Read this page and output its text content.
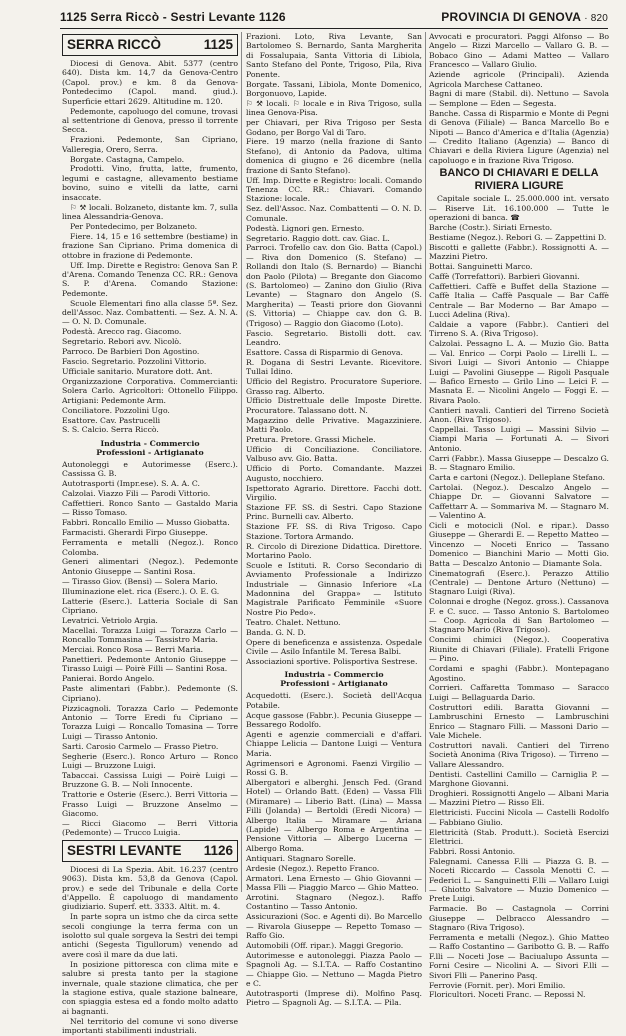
1125 Serra Riccò - Sestri Levante 1126	PROVINCIA DI GENOVA · 820
SERRA RICCÒ	1125

Diocesi di Genova. Abit. 5377 (centro 640). Dista km. 14,7 da Genova-Centro (Capol. prov.) e km. 8 da Genova-Pontedecimo (Capol. mand. giud.). Superficie ettari 2629. Altitudine m. 120.

Pedemonte, capoluogo del comune, trovasi al settentrione di Genova, presso il torrente Secca.

Frazioni. Pedemonte, San Cipriano, Valleregia, Orero, Serra.

Borgate. Castagna, Campelo.

Prodotti. Vino, frutta, latte, frumento, legumi e castagne, allevamento bestiame bovino, suino e vitelli da latte, carni insaccate.

⚐ ⚒ locali. Bolzaneto, distante km. 7, sulla linea Alessandria-Genova.

Per Pontedecimo, per Bolzaneto.

Fiere. 14, 15 e 16 settembre (bestiame) in frazione San Cipriano. Prima domenica di ottobre in frazione di Pedemonte.

Uff. Imp. Dirette e Registro: Genova San P. d'Arena. Comando Tenenza CC. RR.: Genova S. P. d'Arena. Comando Stazione: Pedemonte.

Scuole Elementari fino alla classe 5ª. Sez. dell'Assoc. Naz. Combattenti. — Sez. A. N. A. — O. N. D. Comunale.

Podestà. Arecco rag. Giacomo.

Segretario. Rebori avv. Nicolò.

Parroco. De Barbieri Don Agostino.

Fascio. Segretario. Pozzolini Vittorio.

Ufficiale sanitario. Muratore dott. Ant.

Organizzazione Corporativa. Commercianti: Solera Carlo. Agricoltori: Ottonello Filippo. Artigiani: Pedemonte Arm.

Conciliatore. Pozzolini Ugo.

Esattore. Cav. Pastrucelli

S. S. Calcio. Serra Riccò.

Industria - Commercio
Professioni - Artigianato

Autonoleggi e Autorimesse (Eserc.). Cassissa G. B.

Autotrasporti (Impr.ese). S. A. A. C.

Calzolai. Viazzo Fili — Parodi Vittorio.

Caffettieri. Ronco Santo — Gastaldo Maria — Risso Tomaso.

Fabbri. Roncallo Emilio — Musso Giobatta.

Farmacisti. Gherardi Firpo Giuseppe.

Ferramenta e metalli (Negoz.). Ronco Colomba.

Generi alimentari (Negoz.). Pedemonte Antonio Giuseppe — Santini Rosa.

— Tirasso Giov. (Bensi) — Solera Mario.

Illuminazione elet. rica (Eserc.). O. E. G.

Latterie (Eserc.). Latteria Sociale di San Cipriano.

Levatrici. Vetriolo Argia.

Macellai. Torazza Luigi — Torazza Carlo — Roncallo Tommasina — Tassistro Maria.

Merciai. Ronco Rosa — Berri Maria.

Panettieri. Pedemonte Antonio Giuseppe — Tirasso Luigi — Poirè Filli — Santini Rosa.

Panierai. Bordo Angelo.

Paste alimentari (Fabbr.). Pedemonte (S. Cipriano).

Pizzicagnoli. Torazza Carlo — Pedemonte Antonio — Torre Eredi fu Cipriano — Torazza Luigi — Roncallo Tomasina — Torre Luigi — Tirasso Antonio.

Sarti. Carosio Carmelo — Frasso Pietro.

Segherie (Eserc.). Ronco Arturo — Ronco Luigi — Bruzzone Luigi.

Tabaccai. Cassissa Luigi — Poirè Luigi — Bruzzone G. B. — Noli Innocente.

Trattorie e Osterie (Eserc.). Berri Vittoria — Frasso Luigi — Bruzzone Anselmo — Giacomo.

— Ricci Giacomo — Berri Vittoria (Pedemonte) — Trucco Luigia.

SESTRI LEVANTE 1126

Diocesi di La Spezia. Abit. 16.237 (centro 9063). Dista km. 53,8 da Genova (Capol. prov.) e sede del Tribunale e della Corte d'Appello. È capoluogo di mandamento giudiziario. Superf. ett. 3333. Altit. m. 4.

In parte sopra un istmo che da circa sette secoli congiunge la terra ferma con un isolotto sul quale sorgeva la Sestri dei tempi antichi (Segesta Tigullorum) venendo ad avere così il mare da due lati.

In posizione pittoresca con clima mite e salubre si presta tanto per la stagione invernale, quale stazione climatica, che per la stagione estiva, quale stazione balneare, con spiaggia estesa ed a fondo molto adatto ai bagnanti.

Nel territorio del comune vi sono diverse importanti stabilimenti industriali.

Frazioni. Loto, Riva Levante, San Bartolomeo S. Bernardo, Santa Margherita di Fossalupaia, Santa Vittoria di Libiola, Santo Stefano del Ponte, Trigoso, Pila, Riva Ponente.

Borgate. Tassani, Libiola, Monte Domenico, Borgonuovo, Lapide.

⚐ ⚒ locali. ⚐ locale e in Riva Trigoso, sulla linea Genova-Pisa.

per Chiavari, per Riva Trigoso per Sesta Godano, per Borgo Val di Taro.

Fiere. 19 marzo (nella frazione di Santo Stefano), di Antonio da Padova, ultima domenica di giugno e 26 dicembre (nella frazione di Santo Stefano).

Uff. Imp. Dirette e Registro: locali. Comando Tenenza CC. RR.: Chiavari. Comando Stazione: locale.

Sez. dell'Assoc. Naz. Combattenti — O. N. D. Comunale.

Podestà. Lignori gen. Ernesto.

Segretario. Raggio dott. cav. Giac. L.

Parroci. Trofello cav. don Gio. Batta (Capol.) — Riva don Domenico (S. Stefano) — Rollandi don Italo (S. Bernardo) — Bianchi don Paolo (Pilota) — Bregante don Giacomo (S. Bartolomeo) — Zanino don Giulio (Riva Levante) — Stagnaro don Angelo (S. Margherita) — Teasti priore don Giovanni (S. Vittoria) — Chiappe cav. don G. B. (Trigoso) — Raggio don Giacomo (Loto).

Fascio. Segretario. Bistolli dott. cav. Leandro.

Esattore. Cassa di Risparmio di Genova.

R. Dogana di Sestri Levante. Ricevitore. Tullai Idino.

Ufficio del Registro. Procuratore Superiore. Grasso rag. Alberto.

Ufficio Distrettuale delle Imposte Dirette. Procuratore. Talassano dott. N.

Magazzino delle Privative. Magazziniere. Matti Paolo.

Pretura. Pretore. Grassi Michele.

Ufficio di Conciliazione. Conciliatore. Valbuso avv. Gio. Batta.

Ufficio di Porto. Comandante. Mazzei Augusto, nocchiero.

Ispettorato Agrario. Direttore. Facchi dott. Virgilio.

Stazione FF. SS. di Sestri. Capo Stazione Princ. Burnelli cav. Alberto.

Stazione FF. SS. di Riva Trigoso. Capo Stazione. Tortora Armando.

R. Circolo di Direzione Didattica. Direttore. Mortarino Paolo.

Scuole e Istituti. R. Corso Secondario di Avviamento Professionale a Indirizzo Industriale — Ginnasio Inferiore «La Madonnina del Grappa» — Istituto Magistrale Parificato Femminile «Suore Nostre Pio Pedo».

Teatro. Chalet. Nettuno.

Banda. G. N. D.

Opere di beneficenza e assistenza. Ospedale Civile — Asilo Infantile M. Teresa Balbi.

Associazioni sportive. Polisportiva Sestrese.

Industria - Commercio
Professioni - Artigianato

Acquedotti. (Eserc.). Società dell'Acqua Potabile.

Acque gassose (Fabbr.). Pecunia Giuseppe — Bessarego Rodolfo.

Agenti e agenzie commerciali e d'affari. Chiappe Lelicia — Dantone Luigi — Ventura Maria.

Agrimensori e Agronomi. Faenzi Virgilio — Rossi G. B.

Albergatori e alberghi. Jensch Fed. (Grand Hotel) — Orlando Batt. (Eden) — Vassa Flli (Miramare) — Liberio Batt. (Lina) — Massa Filli (Jolanda) — Bertoldi (Eredi Nicora) — Albergo Italia — Miramare — Ariana (Lapide) — Albergo Roma e Argentina — Pensione Vittoria — Albergo Lucerna — Albergo Roma.

Antiquari. Stagnaro Sorelle.

Ardesie (Negoz.). Repetto Franco.

Armatori. Lena Ernesto — Ghio Giovanni — Massa Flli — Piaggio Marco — Ghio Matteo.

Arrotini. Stagnaro (Negoz.). Raffo Costantino — Tasso Antonio.

Assicurazioni (Soc. e Agenti di). Bo Marcello — Rivarola Giuseppe — Repetto Tomaso — Raffo Gio.

Automobili (Off. ripar.). Maggi Gregorio.

Autorimesse e autonoleggi. Piazza Paolo — Spagnoli Ag. — S.I.T.A. — Raffo Costantino — Chiappe Gio. — Nettuno — Magda Pietro e C.

Autotrasporti (Imprese di). Molfino Pasq. Pietro — Spagnoli Ag. — S.I.T.A. — Pila.

Avvocati e procuratori. Paggi Alfonso — Bo Angelo — Rizzi Marcello — Vallaro G. B. — Bobaco Gino — Adami Matteo — Vallaro Francesco — Vallaro Giulio.

Aziende agricole (Principali). Azienda Agricola Marchese Cattaneo.

Bagni di mare (Stabil. di). Nettuno — Savola — Semplone — Eden — Segesta.

Banche. Cassa di Risparmio e Monte di Pegni di Genova (Filiale) — Banca Marcello Bo e Nipoti — Banco d'America e d'Italia (Agenzia) — Credito Italiano (Agenzia) — Banco di Chiavari e della Riviera Ligure (Agenzia) nel capoluogo e in frazione Riva Trigoso.

BANCO DI CHIAVARI E DELLA RIVIERA LIGURE

Capitale sociale L. 25.000.000 int. versato — Riserve Lit. 16.100.000 — Tutte le operazioni di banca. ☎

Barche (Costr.). Siriati Ernesto.

Bestiame (Negoz.). Rebori G. — Zappettini D.

Biscotti e gallette (Fabbr.). Rossignotti A. — Mazzini Pietro.

Bottai. Sanguinetti Marco.

Caffè (Torrefattori). Barbieri Giovanni.

Caffettieri. Caffè e Buffet della Stazione — Caffè Italia — Caffè Pasquale — Bar Caffè Centrale — Bar Moderno — Bar Amapo — Lucci Adelina (Riva).

Caldaie a vapore (Fabbr.). Cantieri del Tirreno S. A. (Riva Trigoso).

Calzolai. Pessagno L. A. — Muzio Gio. Batta — Val. Enrico — Corpi Paolo — Lirelli L. — Sivori Luigi — Sivori Antonio — Chiappe Luigi — Pavolini Giuseppe — Rigoli Pasquale — Bafico Ernesto — Grilo Lino — Leici F. — Masnata E. — Nicolini Angelo — Foggi E. — Rivara Paolo.

Cantieri navali. Cantieri del Tirreno Società Anon. (Riva Trigoso).

Cappellai. Tasso Luigi — Massini Silvio — Ciampi Maria — Fortunati A. — Sivori Antonio.

Carri (Fabbr.). Massa Giuseppe — Descalzo G. B. — Stagnaro Emilio.

Carta e cartoni (Negoz.). Delleplane Stefano.

Cartolai. (Negoz.). Descalzo Angelo — Chiappe Dr. — Giovanni Salvatore — Caffettarr A. — Sommariva M. — Stagnaro M. — Valentino A.

Cicli e motocicli (Nol. e ripar.). Dasso Giuseppe — Gherardi E. — Repetto Matteo — Vincenzo — Noceti Enrico — Tassano Domenico — Bianchini Mario — Motti Gio. Batta — Descalzo Antonio — Diamante Sola.

Cinematografi (Eserc.). Perazzo Attilio (Centrale) — Dentone Arturo (Nettuno) — Stagnaro Luigi (Riva).

Colonnai e droghe (Negoz. gross.). Cassanova F. e C. succ. — Tasso Antonio S. Bartolomeo — Coop. Agricola di San Bartolomeo — Stagnaro Mario (Riva Trigoso).

Concimi chimici (Negoz.). Cooperativa Riunite di Chiavari (Filiale). Fratelli Frigone — Pino.

Cordami e spaghi (Fabbr.). Montepagano Agostino.

Corrieri. Caffaretta Tommaso — Saracco Luigi — Bellaguarda Dario.

Costruttori edili. Baratta Giovanni — Lambruschini Ernesto — Lambruschini Enrico — Stagnaro Filli. — Massoni Dario — Vale Michele.

Costruttori navali. Cantieri del Tirreno Società Anonima (Riva Trigoso). — Tirreno — Vallare Alessandro.

Dentisti. Castellini Camillo — Carniglia P. — Marghone Giovanni.

Droghieri. Rossignotti Angelo — Albani Maria — Mazzini Pietro — Risso Eli.

Elettricisti. Fuccini Nicola — Castelli Rodolfo — Fabbiano Giulio.

Elettricità (Stab. Produtt.). Società Esercizi Elettrici.

Fabbri. Rossi Antonio.

Falegnami. Canessa F.lli — Piazza G. B. — Noceti Riccardo — Cassola Menotti C. — Federici L. — Sanguinetti F.lli — Vallaro Luigi — Ghiotto Salvatore — Muzio Domenico — Prete Luigi.

Farmacie. Bo — Castagnola — Corrini Giuseppe — Delbracco Alessandro — Stagnaro (Riva Trigoso).

Ferramenta e metalli (Negoz.). Ghio Matteo — Raffo Costantino — Garibotto G. B. — Raffo F.lli — Noceti Jose — Baciualupo Assunta — Forni Cesire — Nicolini A. — Sivori F.lli — Sivori Flli — Panerino Pasq.

Ferrovie (Fornit. per). Mori Emilio.

Floricultori. Noceti Franc. — Repossi N.
